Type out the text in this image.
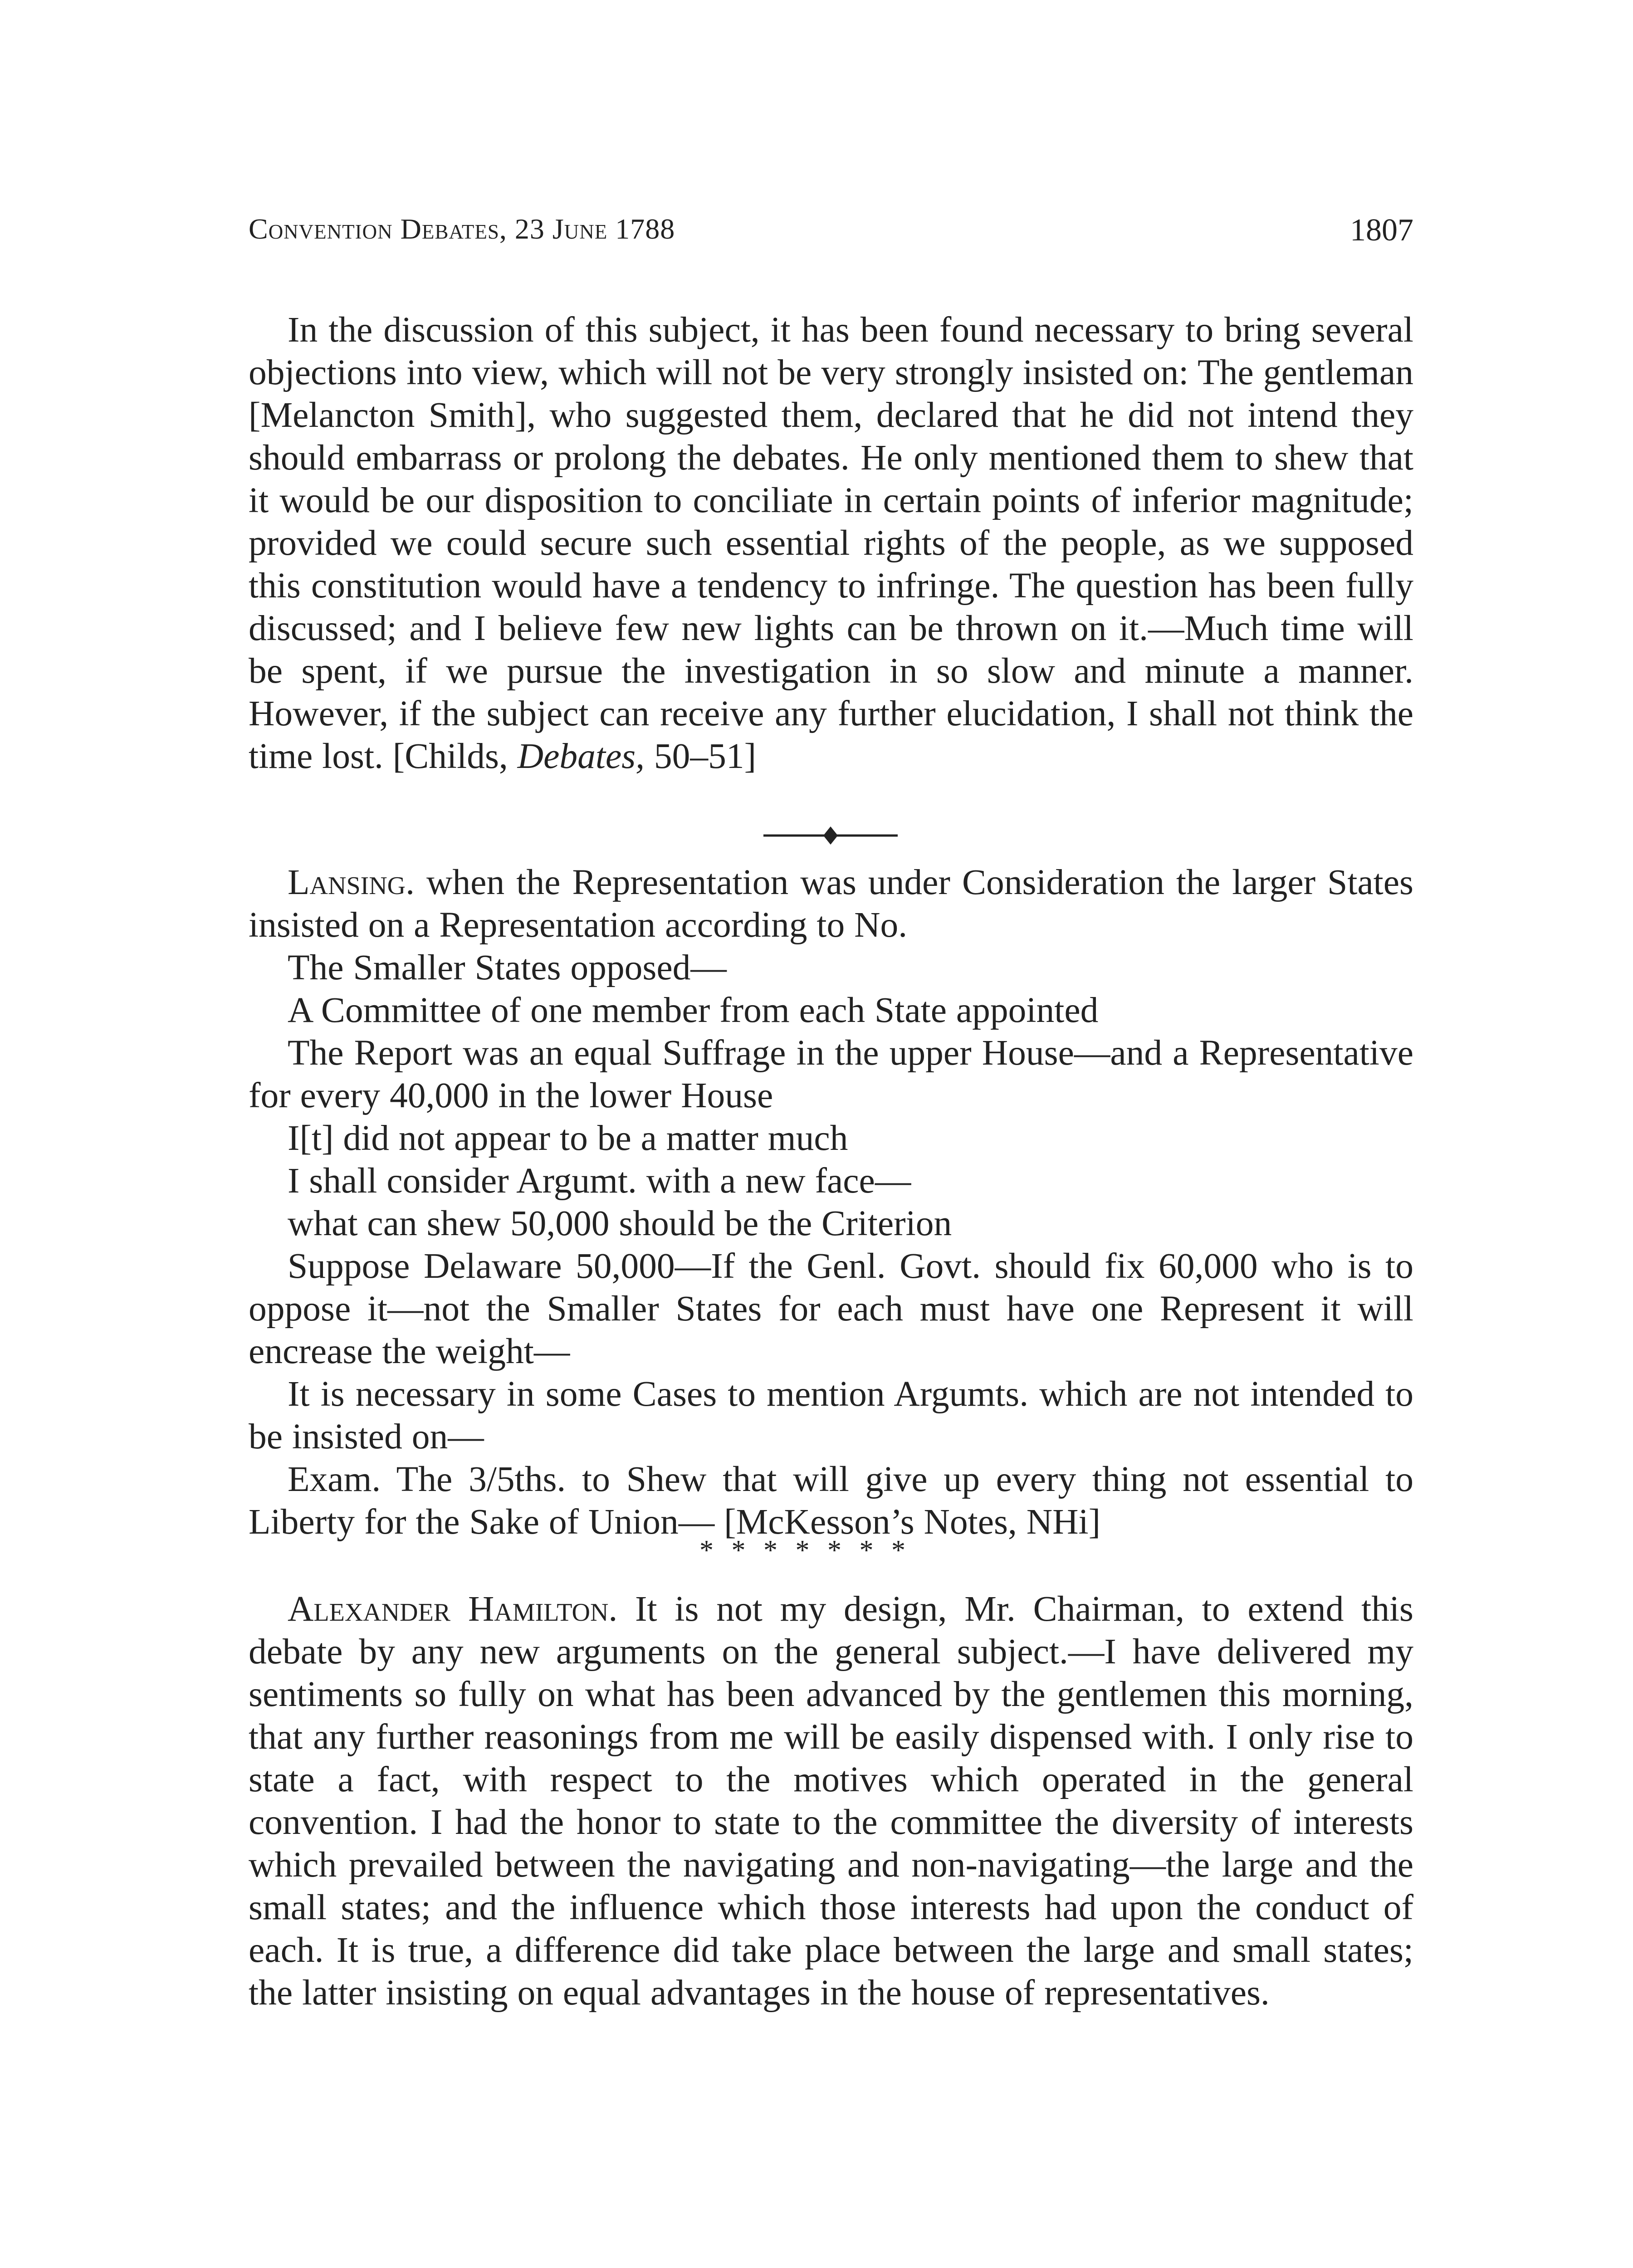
Convention Debates, 23 June 1788	1807

In the discussion of this subject, it has been found necessary to bring several objections into view, which will not be very strongly insisted on: The gentleman [Melancton Smith], who suggested them, declared that he did not intend they should embarrass or prolong the debates. He only mentioned them to shew that it would be our disposition to conciliate in certain points of inferior magnitude; provided we could secure such essential rights of the people, as we supposed this constitution would have a tendency to infringe. The question has been fully discussed; and I believe few new lights can be thrown on it.—Much time will be spent, if we pursue the investigation in so slow and minute a manner. However, if the subject can receive any further elucidation, I shall not think the time lost. [Childs, Debates, 50–51]

Lansing. when the Representation was under Consideration the larger States insisted on a Representation according to No.

The Smaller States opposed—

A Committee of one member from each State appointed

The Report was an equal Suffrage in the upper House—and a Representative for every 40,000 in the lower House

I[t] did not appear to be a matter much

I shall consider Argumt. with a new face—

what can shew 50,000 should be the Criterion

Suppose Delaware 50,000—If the Genl. Govt. should fix 60,000 who is to oppose it—not the Smaller States for each must have one Represent it will encrease the weight—

It is necessary in some Cases to mention Argumts. which are not intended to be insisted on—

Exam. The 3/5ths. to Shew that will give up every thing not essential to Liberty for the Sake of Union— [McKesson’s Notes, NHi]

* * * * * * *

Alexander Hamilton. It is not my design, Mr. Chairman, to extend this debate by any new arguments on the general subject.—I have delivered my sentiments so fully on what has been advanced by the gentlemen this morning, that any further reasonings from me will be easily dispensed with. I only rise to state a fact, with respect to the motives which operated in the general convention. I had the honor to state to the committee the diversity of interests which prevailed between the navigating and non-navigating—the large and the small states; and the influence which those interests had upon the conduct of each. It is true, a difference did take place between the large and small states; the latter insisting on equal advantages in the house of representatives.
